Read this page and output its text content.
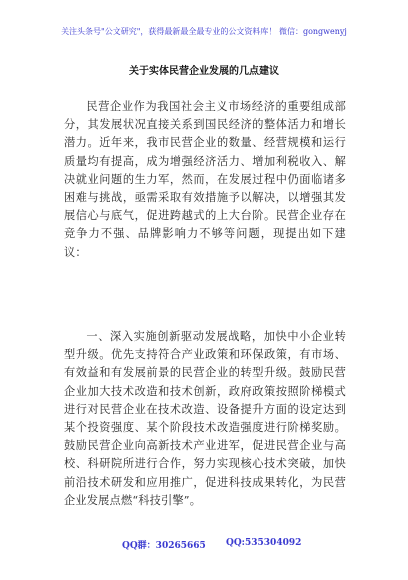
关注头条号"公文研究"，获得最新最全最专业的公文资料库！ 微信：gongwenyj
关于实体民营企业发展的几点建议

民营企业作为我国社会主义市场经济的重要组成部分，其发展状况直接关系到国民经济的整体活力和增长潜力。近年来，我市民营企业的数量、经营规模和运行质量均有提高，成为增强经济活力、增加利税收入、解决就业问题的生力军，然而，在发展过程中仍面临诸多困难与挑战，亟需采取有效措施予以解决，以增强其发展信心与底气，促进跨越式的上大台阶。民营企业存在竞争力不强、品牌影响力不够等问题，现提出如下建议：

一、深入实施创新驱动发展战略，加快中小企业转型升级。优先支持符合产业政策和环保政策，有市场、有效益和有发展前景的民营企业的转型升级。鼓励民营企业加大技术改造和技术创新，政府政策按照阶梯模式进行对民营企业在技术改造、设备提升方面的设定达到某个投资强度、某个阶段技术改造强度进行阶梯奖励。鼓励民营企业向高新技术产业进军，促进民营企业与高校、科研院所进行合作，努力实现核心技术突破，加快前沿技术研发和应用推广，促进科技成果转化，为民营企业发展点燃“科技引擎”。

QQ群：30265665 QQ:535304092
